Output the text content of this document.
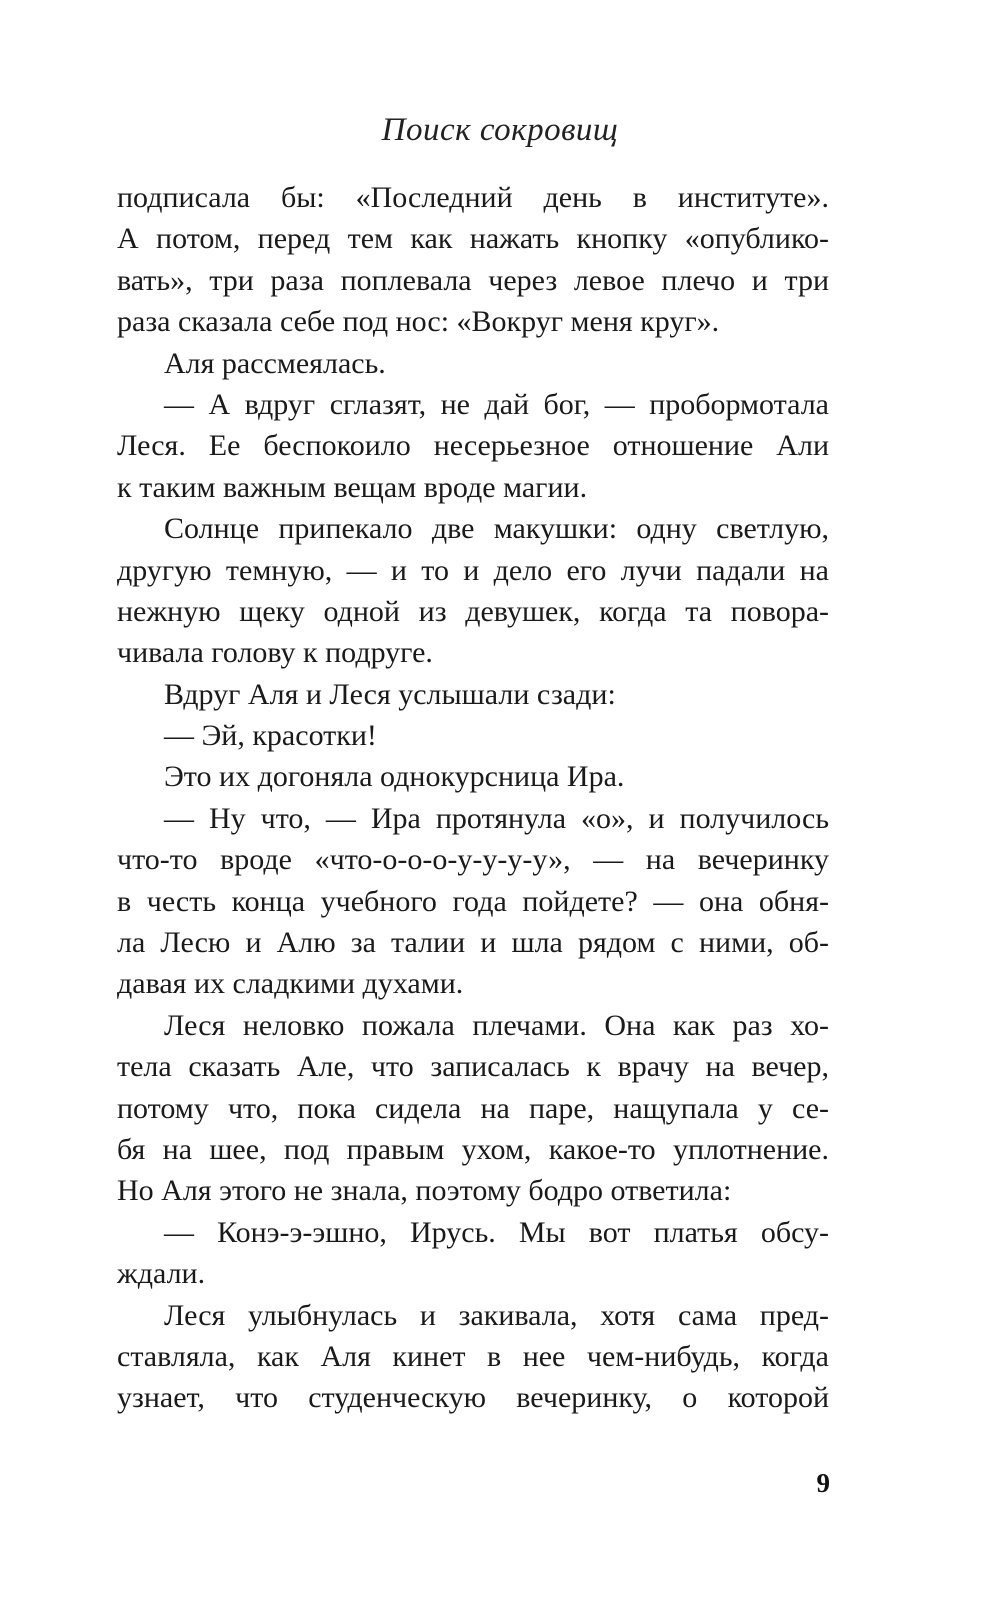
Поиск сокровищ
подписала бы: «Последний день в институте».
А потом, перед тем как нажать кнопку «опублико-
вать», три раза поплевала через левое плечо и три
раза сказала себе под нос: «Вокруг меня круг».
Аля рассмеялась.
— А вдруг сглазят, не дай бог, — пробормотала
Леся. Ее беспокоило несерьезное отношение Али
к таким важным вещам вроде магии.
Солнце припекало две макушки: одну светлую,
другую темную, — и то и дело его лучи падали на
нежную щеку одной из девушек, когда та повора-
чивала голову к подруге.
Вдруг Аля и Леся услышали сзади:
— Эй, красотки!
Это их догоняла однокурсница Ира.
— Ну что, — Ира протянула «о», и получилось
что-то вроде «что-о-о-о-у-у-у-у», — на вечеринку
в честь конца учебного года пойдете? — она обня-
ла Лесю и Алю за талии и шла рядом с ними, об-
давая их сладкими духами.
Леся неловко пожала плечами. Она как раз хо-
тела сказать Але, что записалась к врачу на вечер,
потому что, пока сидела на паре, нащупала у се-
бя на шее, под правым ухом, какое-то уплотнение.
Но Аля этого не знала, поэтому бодро ответила:
— Конэ-э-эшно, Ирусь. Мы вот платья обсу-
ждали.
Леся улыбнулась и закивала, хотя сама пред-
ставляла, как Аля кинет в нее чем-нибудь, когда
узнает, что студенческую вечеринку, о которой
9
